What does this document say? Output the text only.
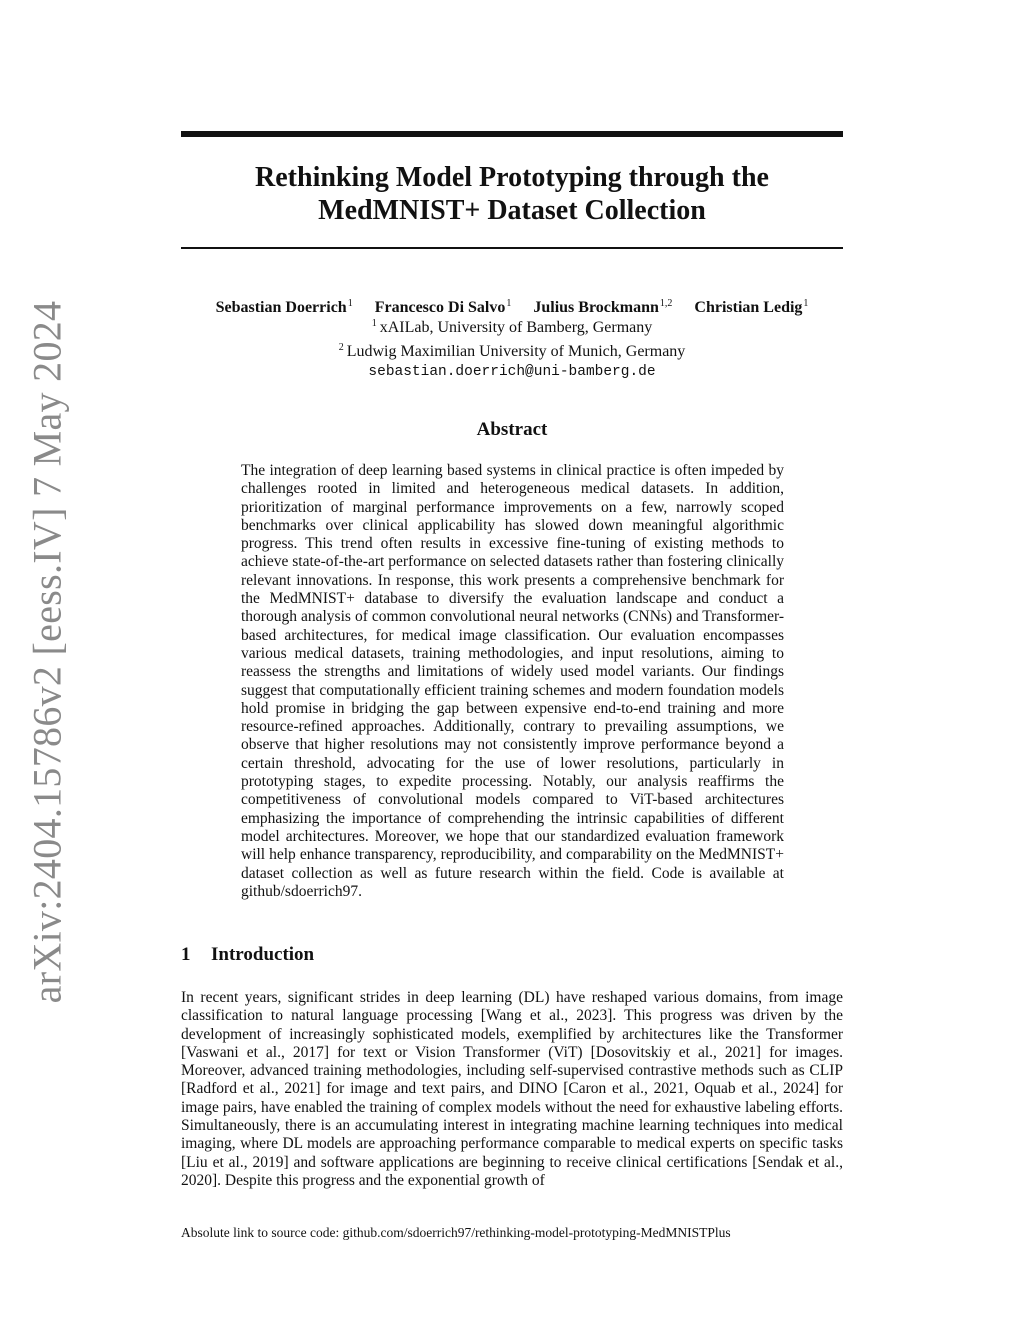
arXiv:2404.15786v2 [eess.IV] 7 May 2024
Rethinking Model Prototyping through the
MedMNIST+ Dataset Collection
Sebastian Doerrich$^1$ Francesco Di Salvo$^1$ Julius Brockmann$^{1,2}$ Christian Ledig$^1$
$^1$ xAILab, University of Bamberg, Germany
$^2$ Ludwig Maximilian University of Munich, Germany
sebastian.doerrich@uni-bamberg.de
Abstract
The integration of deep learning based systems in clinical practice is often impeded by challenges rooted in limited and heterogeneous medical datasets. In addition, prioritization of marginal performance improvements on a few, narrowly scoped benchmarks over clinical applicability has slowed down meaningful algorithmic progress. This trend often results in excessive fine-tuning of existing methods to achieve state-of-the-art performance on selected datasets rather than fostering clinically relevant innovations. In response, this work presents a comprehensive benchmark for the MedMNIST+ database to diversify the evaluation landscape and conduct a thorough analysis of common convolutional neural networks (CNNs) and Transformer-based architectures, for medical image classification. Our evaluation encompasses various medical datasets, training methodologies, and input resolutions, aiming to reassess the strengths and limitations of widely used model variants. Our findings suggest that computationally efficient training schemes and modern foundation models hold promise in bridging the gap between expensive end-to-end training and more resource-refined approaches. Additionally, contrary to prevailing assumptions, we observe that higher resolutions may not consistently improve performance beyond a certain threshold, advocating for the use of lower resolutions, particularly in prototyping stages, to expedite processing. Notably, our analysis reaffirms the competitiveness of convolutional models compared to ViT-based architectures emphasizing the importance of comprehending the intrinsic capabilities of different model architectures. Moreover, we hope that our standardized evaluation framework will help enhance transparency, reproducibility, and comparability on the MedMNIST+ dataset collection as well as future research within the field. Code is available at github/sdoerrich97.
1 Introduction
In recent years, significant strides in deep learning (DL) have reshaped various domains, from image classification to natural language processing [Wang et al., 2023]. This progress was driven by the development of increasingly sophisticated models, exemplified by architectures like the Transformer [Vaswani et al., 2017] for text or Vision Transformer (ViT) [Dosovitskiy et al., 2021] for images. Moreover, advanced training methodologies, including self-supervised contrastive methods such as CLIP [Radford et al., 2021] for image and text pairs, and DINO [Caron et al., 2021, Oquab et al., 2024] for image pairs, have enabled the training of complex models without the need for exhaustive labeling efforts. Simultaneously, there is an accumulating interest in integrating machine learning techniques into medical imaging, where DL models are approaching performance comparable to medical experts on specific tasks [Liu et al., 2019] and software applications are beginning to receive clinical certifications [Sendak et al., 2020]. Despite this progress and the exponential growth of
Absolute link to source code: github.com/sdoerrich97/rethinking-model-prototyping-MedMNISTPlus
